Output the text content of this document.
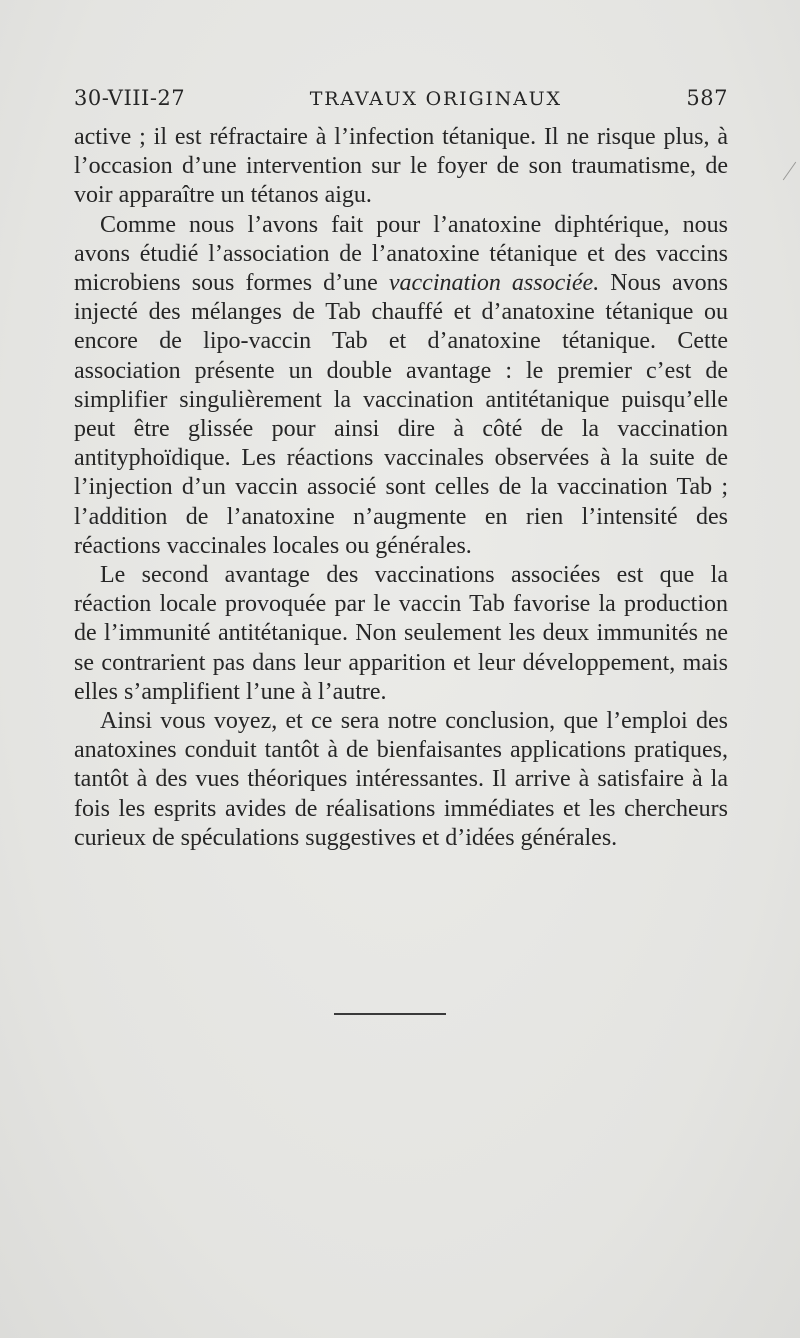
30-VIII-27	TRAVAUX ORIGINAUX	587

active ; il est réfractaire à l’infection tétanique. Il ne risque plus, à l’occasion d’une intervention sur le foyer de son traumatisme, de voir apparaître un tétanos aigu.

Comme nous l’avons fait pour l’anatoxine diphtérique, nous avons étudié l’association de l’anatoxine tétanique et des vaccins microbiens sous formes d’une vaccination associée. Nous avons injecté des mélanges de Tab chauffé et d’anatoxine tétanique ou encore de lipo-vaccin Tab et d’anatoxine tétanique. Cette association présente un double avantage : le premier c’est de simplifier singulièrement la vaccination antitétanique puisqu’elle peut être glissée pour ainsi dire à côté de la vaccination antityphoïdique. Les réactions vaccinales observées à la suite de l’injection d’un vaccin associé sont celles de la vaccination Tab ; l’addition de l’anatoxine n’augmente en rien l’intensité des réactions vaccinales locales ou générales.

Le second avantage des vaccinations associées est que la réaction locale provoquée par le vaccin Tab favorise la production de l’immunité antitétanique. Non seulement les deux immunités ne se contrarient pas dans leur apparition et leur développement, mais elles s’amplifient l’une à l’autre.

Ainsi vous voyez, et ce sera notre conclusion, que l’emploi des anatoxines conduit tantôt à de bienfaisantes applications pratiques, tantôt à des vues théoriques intéressantes. Il arrive à satisfaire à la fois les esprits avides de réalisations immédiates et les chercheurs curieux de spéculations suggestives et d’idées générales.
